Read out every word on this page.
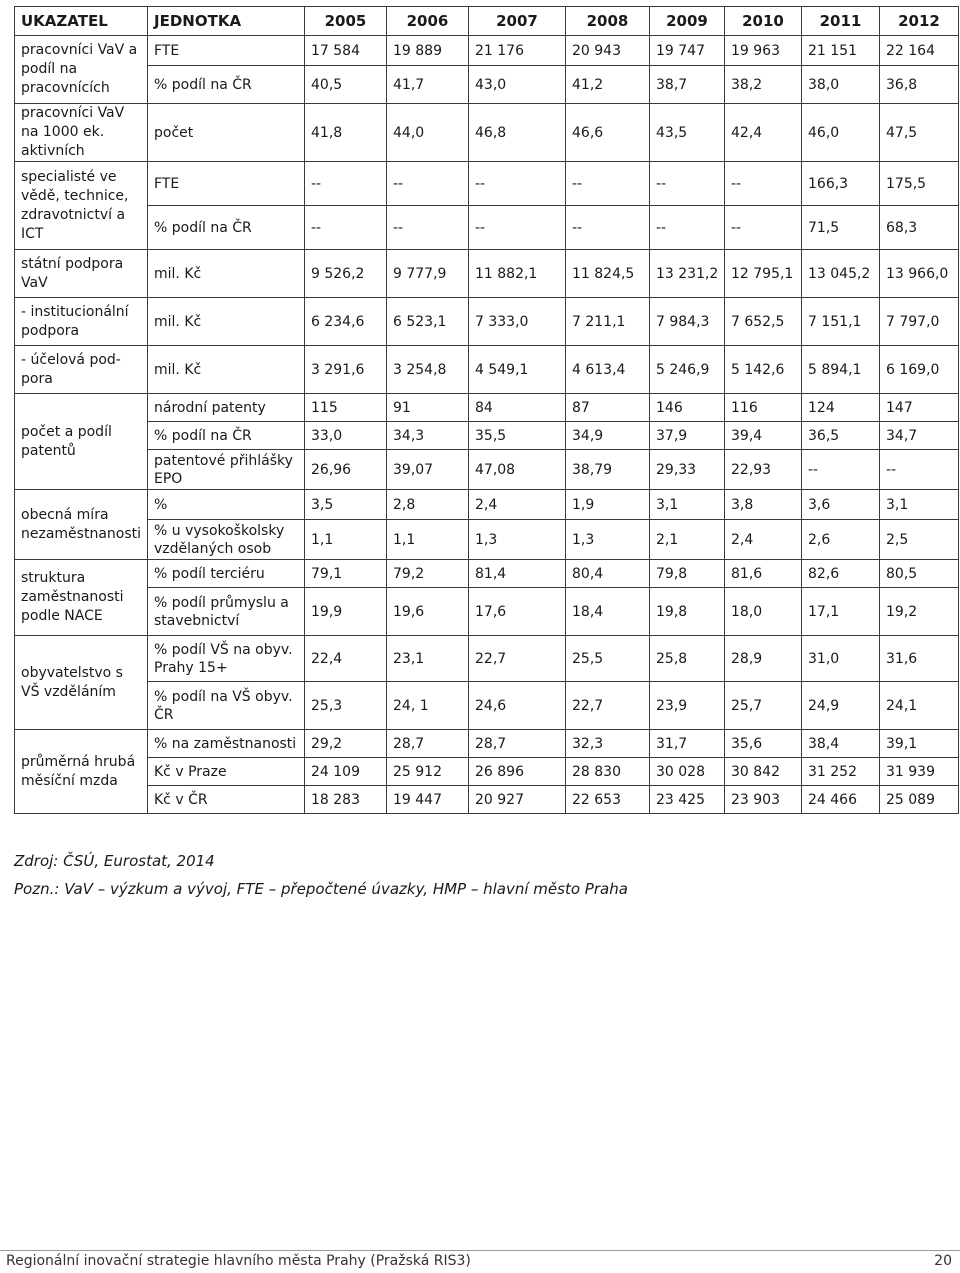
UKAZATEL	JEDNOTKA	2005	2006	2007	2008	2009	2010	2011	2012
pracovníci VaV a podíl na pracovnících	FTE	17 584	19 889	21 176	20 943	19 747	19 963	21 151	22 164
	% podíl na ČR	40,5	41,7	43,0	41,2	38,7	38,2	38,0	36,8
pracovníci VaV na 1000 ek. aktivních	počet	41,8	44,0	46,8	46,6	43,5	42,4	46,0	47,5
specialisté ve vědě, technice, zdravotnictví a ICT	FTE	--	--	--	--	--	--	166,3	175,5
	% podíl na ČR	--	--	--	--	--	--	71,5	68,3
státní podpora VaV	mil. Kč	9 526,2	9 777,9	11 882,1	11 824,5	13 231,2	12 795,1	13 045,2	13 966,0
- institucionální podpora	mil. Kč	6 234,6	6 523,1	7 333,0	7 211,1	7 984,3	7 652,5	7 151,1	7 797,0
- účelová pod-pora	mil. Kč	3 291,6	3 254,8	4 549,1	4 613,4	5 246,9	5 142,6	5 894,1	6 169,0
počet a podíl patentů	národní patenty	115	91	84	87	146	116	124	147
	% podíl na ČR	33,0	34,3	35,5	34,9	37,9	39,4	36,5	34,7
	patentové přihlášky EPO	26,96	39,07	47,08	38,79	29,33	22,93	--	--
obecná míra nezaměstnanosti	%	3,5	2,8	2,4	1,9	3,1	3,8	3,6	3,1
	% u vysokoškolsky vzdělaných osob	1,1	1,1	1,3	1,3	2,1	2,4	2,6	2,5
struktura zaměstnanosti podle NACE	% podíl terciéru	79,1	79,2	81,4	80,4	79,8	81,6	82,6	80,5
	% podíl průmyslu a stavebnictví	19,9	19,6	17,6	18,4	19,8	18,0	17,1	19,2
obyvatelstvo s VŠ vzděláním	% podíl VŠ na obyv. Prahy 15+	22,4	23,1	22,7	25,5	25,8	28,9	31,0	31,6
	% podíl na VŠ obyv. ČR	25,3	24, 1	24,6	22,7	23,9	25,7	24,9	24,1
průměrná hrubá měsíční mzda	% na zaměstnanosti	29,2	28,7	28,7	32,3	31,7	35,6	38,4	39,1
	Kč v Praze	24 109	25 912	26 896	28 830	30 028	30 842	31 252	31 939
	Kč v ČR	18 283	19 447	20 927	22 653	23 425	23 903	24 466	25 089
Zdroj: ČSÚ, Eurostat, 2014
Pozn.: VaV – výzkum a vývoj, FTE – přepočtené úvazky, HMP – hlavní město Praha
Regionální inovační strategie hlavního města Prahy (Pražská RIS3)	20
